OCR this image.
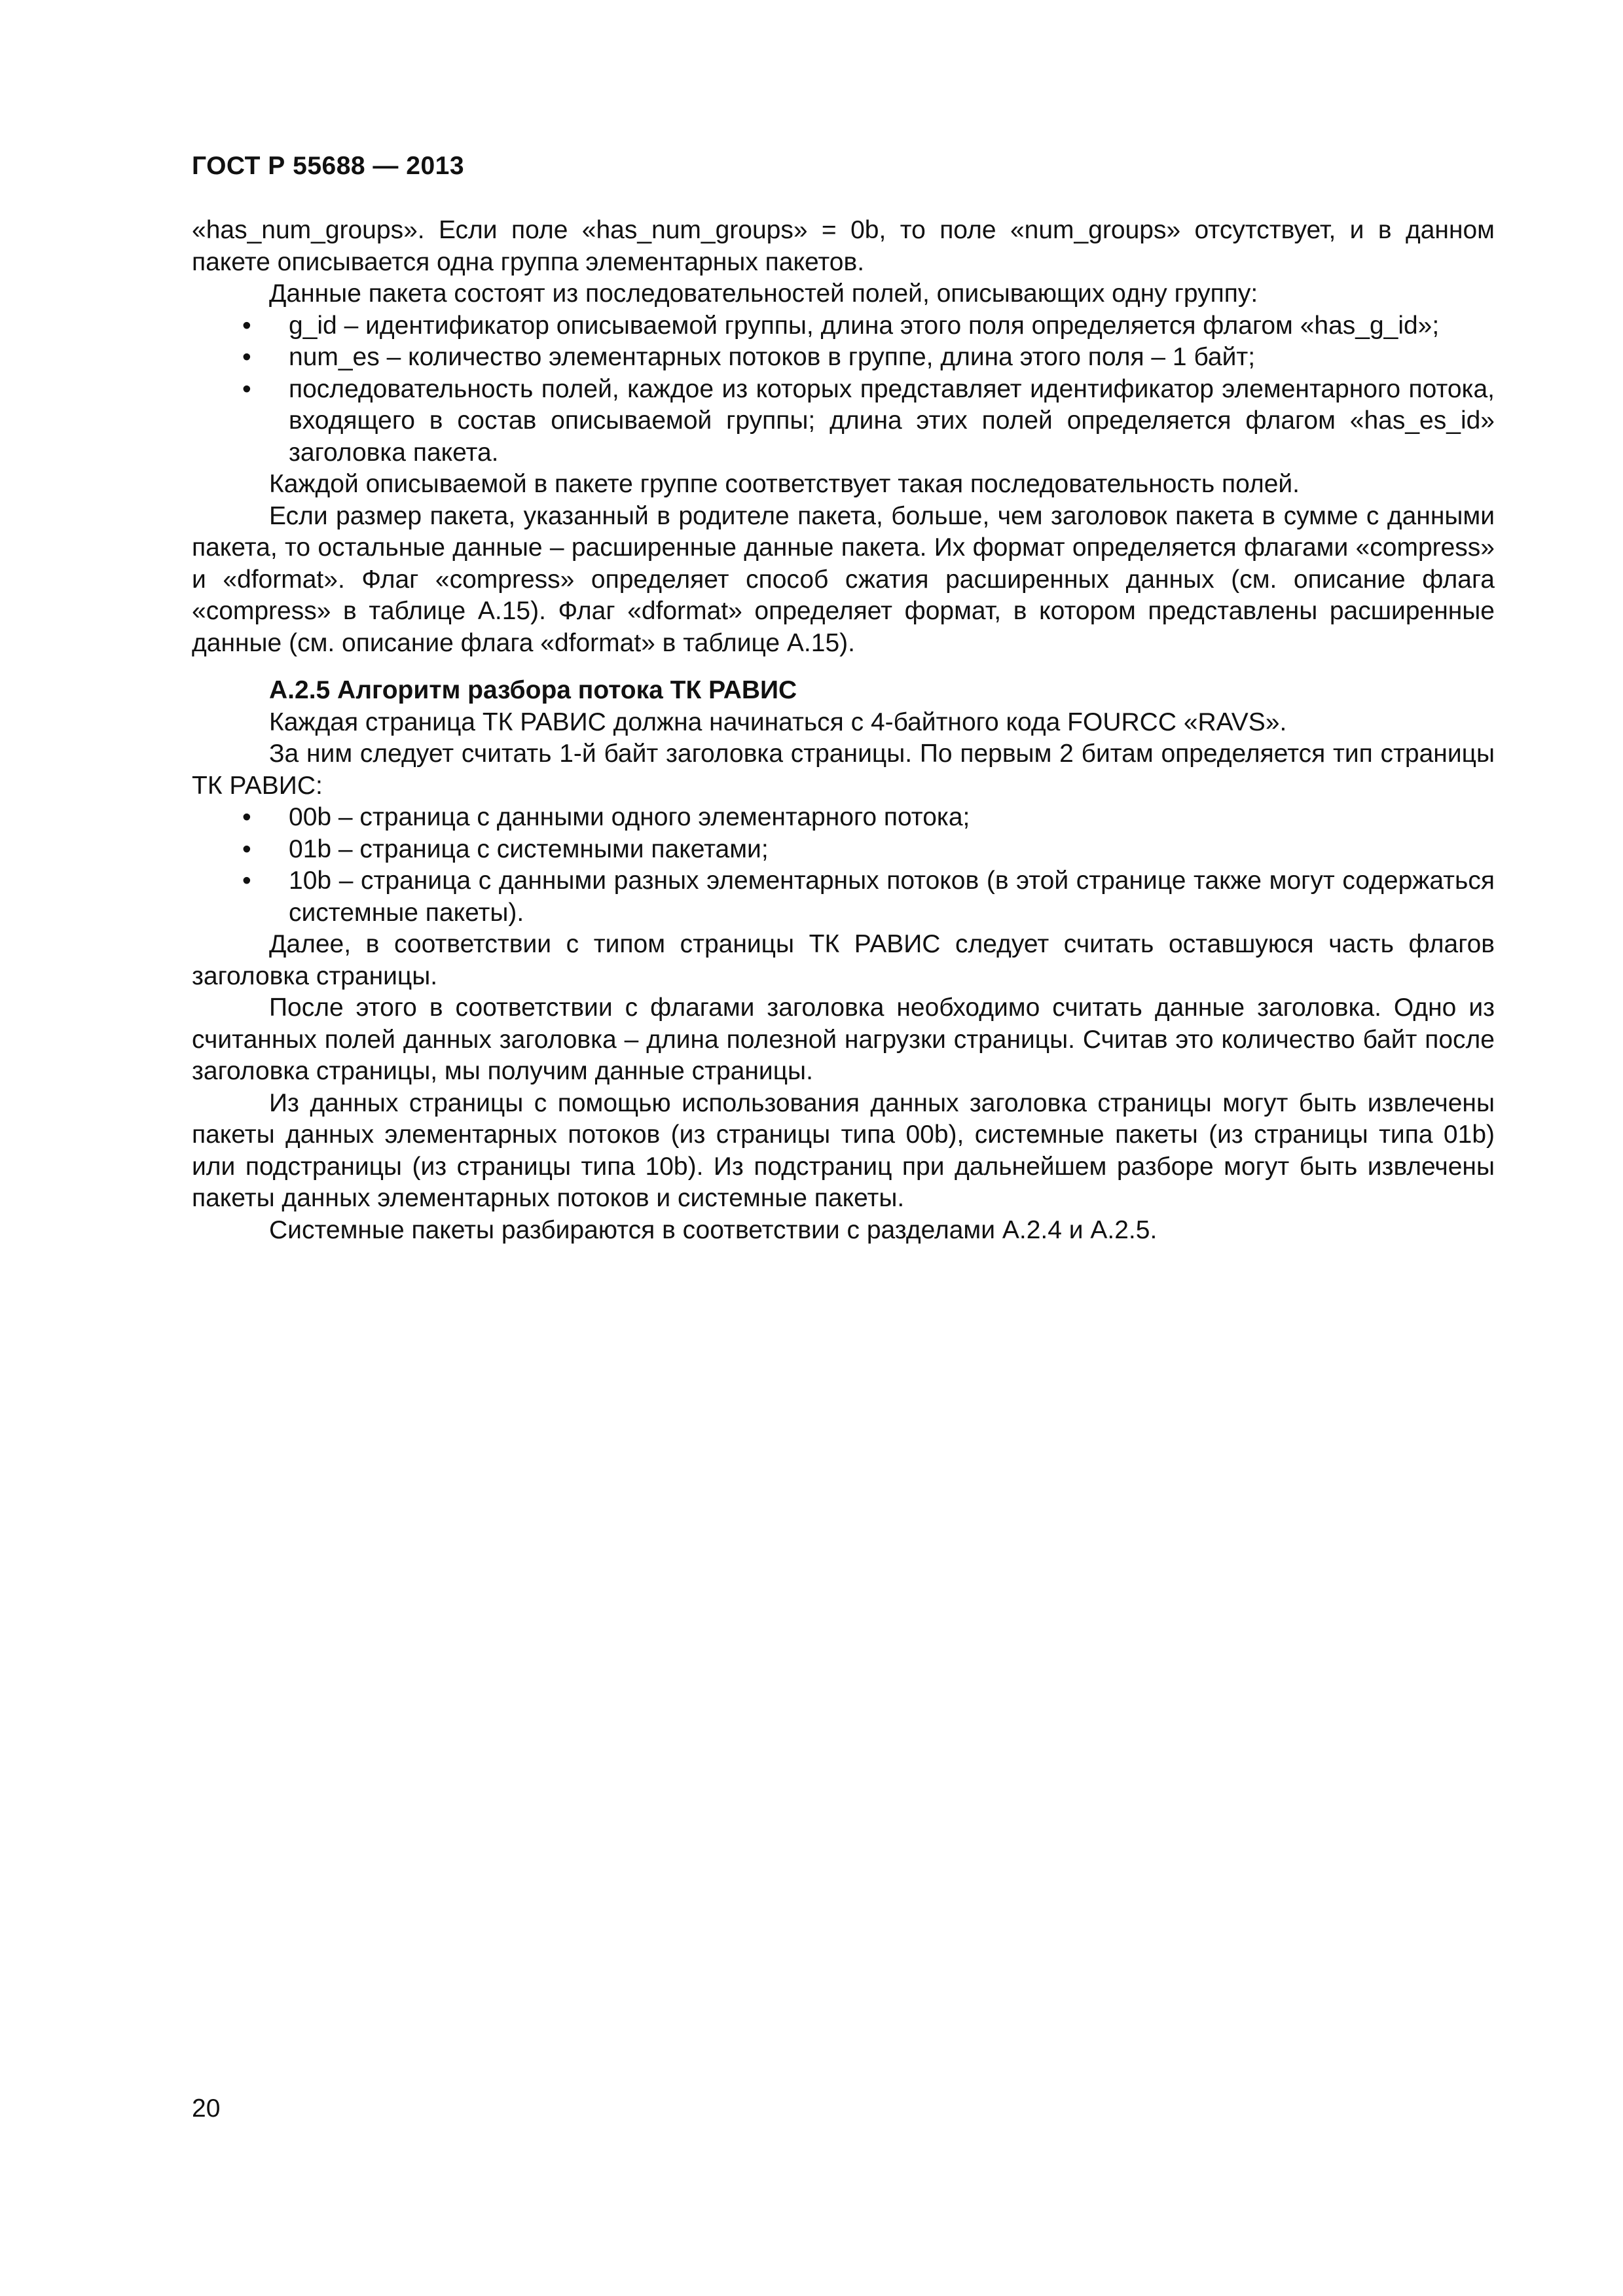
ГОСТ Р 55688 — 2013

«has_num_groups». Если поле «has_num_groups» = 0b, то поле «num_groups» отсутствует, и в данном пакете описывается одна группа элементарных пакетов.

Данные пакета состоят из последовательностей полей, описывающих одну группу:

• g_id – идентификатор описываемой группы, длина этого поля определяется флагом «has_g_id»;
• num_es – количество элементарных потоков в группе, длина этого поля – 1 байт;
• последовательность полей, каждое из которых представляет идентификатор элементарного потока, входящего в состав описываемой группы; длина этих полей определяется флагом «has_es_id» заголовка пакета.

Каждой описываемой в пакете группе соответствует такая последовательность полей.

Если размер пакета, указанный в родителе пакета, больше, чем заголовок пакета в сумме с данными пакета, то остальные данные – расширенные данные пакета. Их формат определяется флагами «compress» и «dformat». Флаг «compress» определяет способ сжатия расширенных данных (см. описание флага «compress» в таблице А.15). Флаг «dformat» определяет формат, в котором представлены расширенные данные (см. описание флага «dformat» в таблице А.15).

А.2.5 Алгоритм разбора потока ТК РАВИС

Каждая страница ТК РАВИС должна начинаться с 4-байтного кода FOURCC «RAVS».

За ним следует считать 1-й байт заголовка страницы. По первым 2 битам определяется тип страницы ТК РАВИС:

• 00b – страница с данными одного элементарного потока;
• 01b – страница с системными пакетами;
• 10b – страница с данными разных элементарных потоков (в этой странице также могут содержаться системные пакеты).

Далее, в соответствии с типом страницы ТК РАВИС следует считать оставшуюся часть флагов заголовка страницы.

После этого в соответствии с флагами заголовка необходимо считать данные заголовка. Одно из считанных полей данных заголовка – длина полезной нагрузки страницы. Считав это количество байт после заголовка страницы, мы получим данные страницы.

Из данных страницы с помощью использования данных заголовка страницы могут быть извлечены пакеты данных элементарных потоков (из страницы типа 00b), системные пакеты (из страницы типа 01b) или подстраницы (из страницы типа 10b). Из подстраниц при дальнейшем разборе могут быть извлечены пакеты данных элементарных потоков и системные пакеты.

Системные пакеты разбираются в соответствии с разделами А.2.4 и А.2.5.

20
